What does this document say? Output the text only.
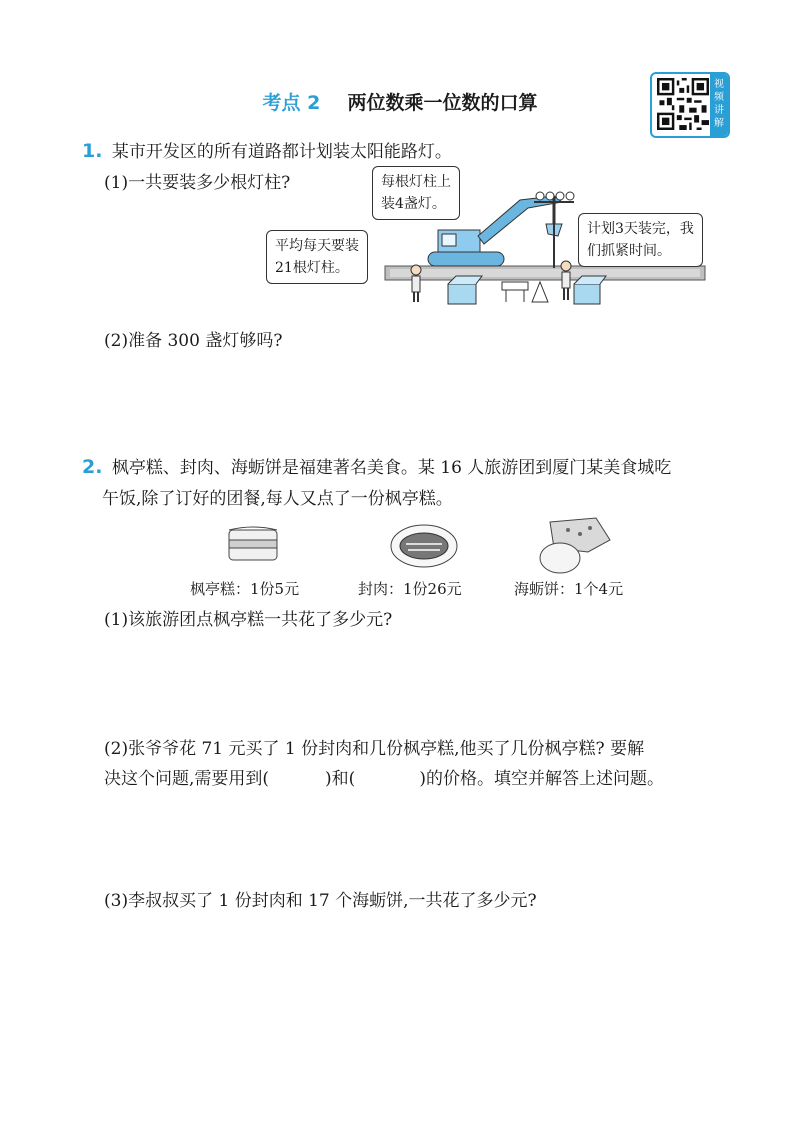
考点 2 两位数乘一位数的口算
视频讲解
1. 某市开发区的所有道路都计划装太阳能路灯。
(1)一共要装多少根灯柱?	每根灯柱上
装4盏灯。
平均每天要装
21根灯柱。
计划3天装完，我
们抓紧时间。
(2)准备 300 盏灯够吗?
2. 枫亭糕、封肉、海蛎饼是福建著名美食。某 16 人旅游团到厦门某美食城吃
午饭,除了订好的团餐,每人又点了一份枫亭糕。
枫亭糕：1份5元	封肉：1份26元	海蛎饼：1个4元
(1)该旅游团点枫亭糕一共花了多少元?
(2)张爷爷花 71 元买了 1 份封肉和几份枫亭糕,他买了几份枫亭糕? 要解
决这个问题,需要用到(	)和(	)的价格。填空并解答上述问题。
(3)李叔叔买了 1 份封肉和 17 个海蛎饼,一共花了多少元?
